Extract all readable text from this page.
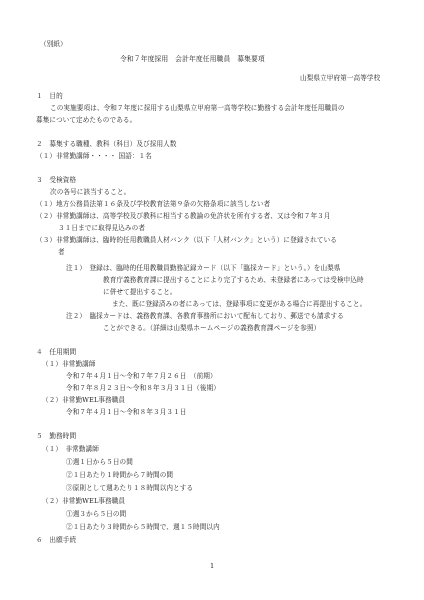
（別紙）
令和７年度採用　会計年度任用職員　募集要項
山梨県立甲府第一高等学校
１　目的
この実施要項は、令和７年度に採用する山梨県立甲府第一高等学校に勤務する会計年度任用職員の
募集について定めたものである。
２　募集する職種、教科（科目）及び採用人数
（１）非常勤講師・・・・ 国語：１名
３　受検資格
次の各号に該当すること。
（１）地方公務員法第１６条及び学校教育法第９条の欠格条項に該当しない者
（２）非常勤講師は、高等学校及び教科に相当する教論の免許状を所有する者、又は令和７年３月
３１日までに取得見込みの者
（３）非常勤講師は、臨時的任用教職員人材バンク（以下「人材バンク」という）に登録されている
者
注１）　登録は、臨時的任用教職員勤務記録カード（以下「臨採カード」という。）を山梨県
教育庁義務教育課に提出することにより完了するため、未登録者にあっては受検申込時
に併せて提出すること。
また、既に登録済みの者にあっては、登録事項に変更がある場合に再提出すること。
注２）　臨採カードは、義務教育課、各教育事務所において配布しており、郵送でも請求する
ことができる。（詳細は山梨県ホームページの義務教育課ページを参照）
４　任用期間
（１）非常勤講師
令和７年４月１日～令和７年７月２６日　（前期）
令和７年８月２３日～令和８年３月３１日（後期）
（２）非常勤WEL事務職員
令和７年４月１日～令和８年３月３１日
５　勤務時間
（１）　非常勤講師
①週１日から５日の間
②１日あたり１時間から７時間の間
③原則として週あたり１８時間以内とする
（２）非常勤WEL事務職員
①週３から５日の間
②１日あたり３時間から５時間で、週１５時間以内
６　出願手続
1
